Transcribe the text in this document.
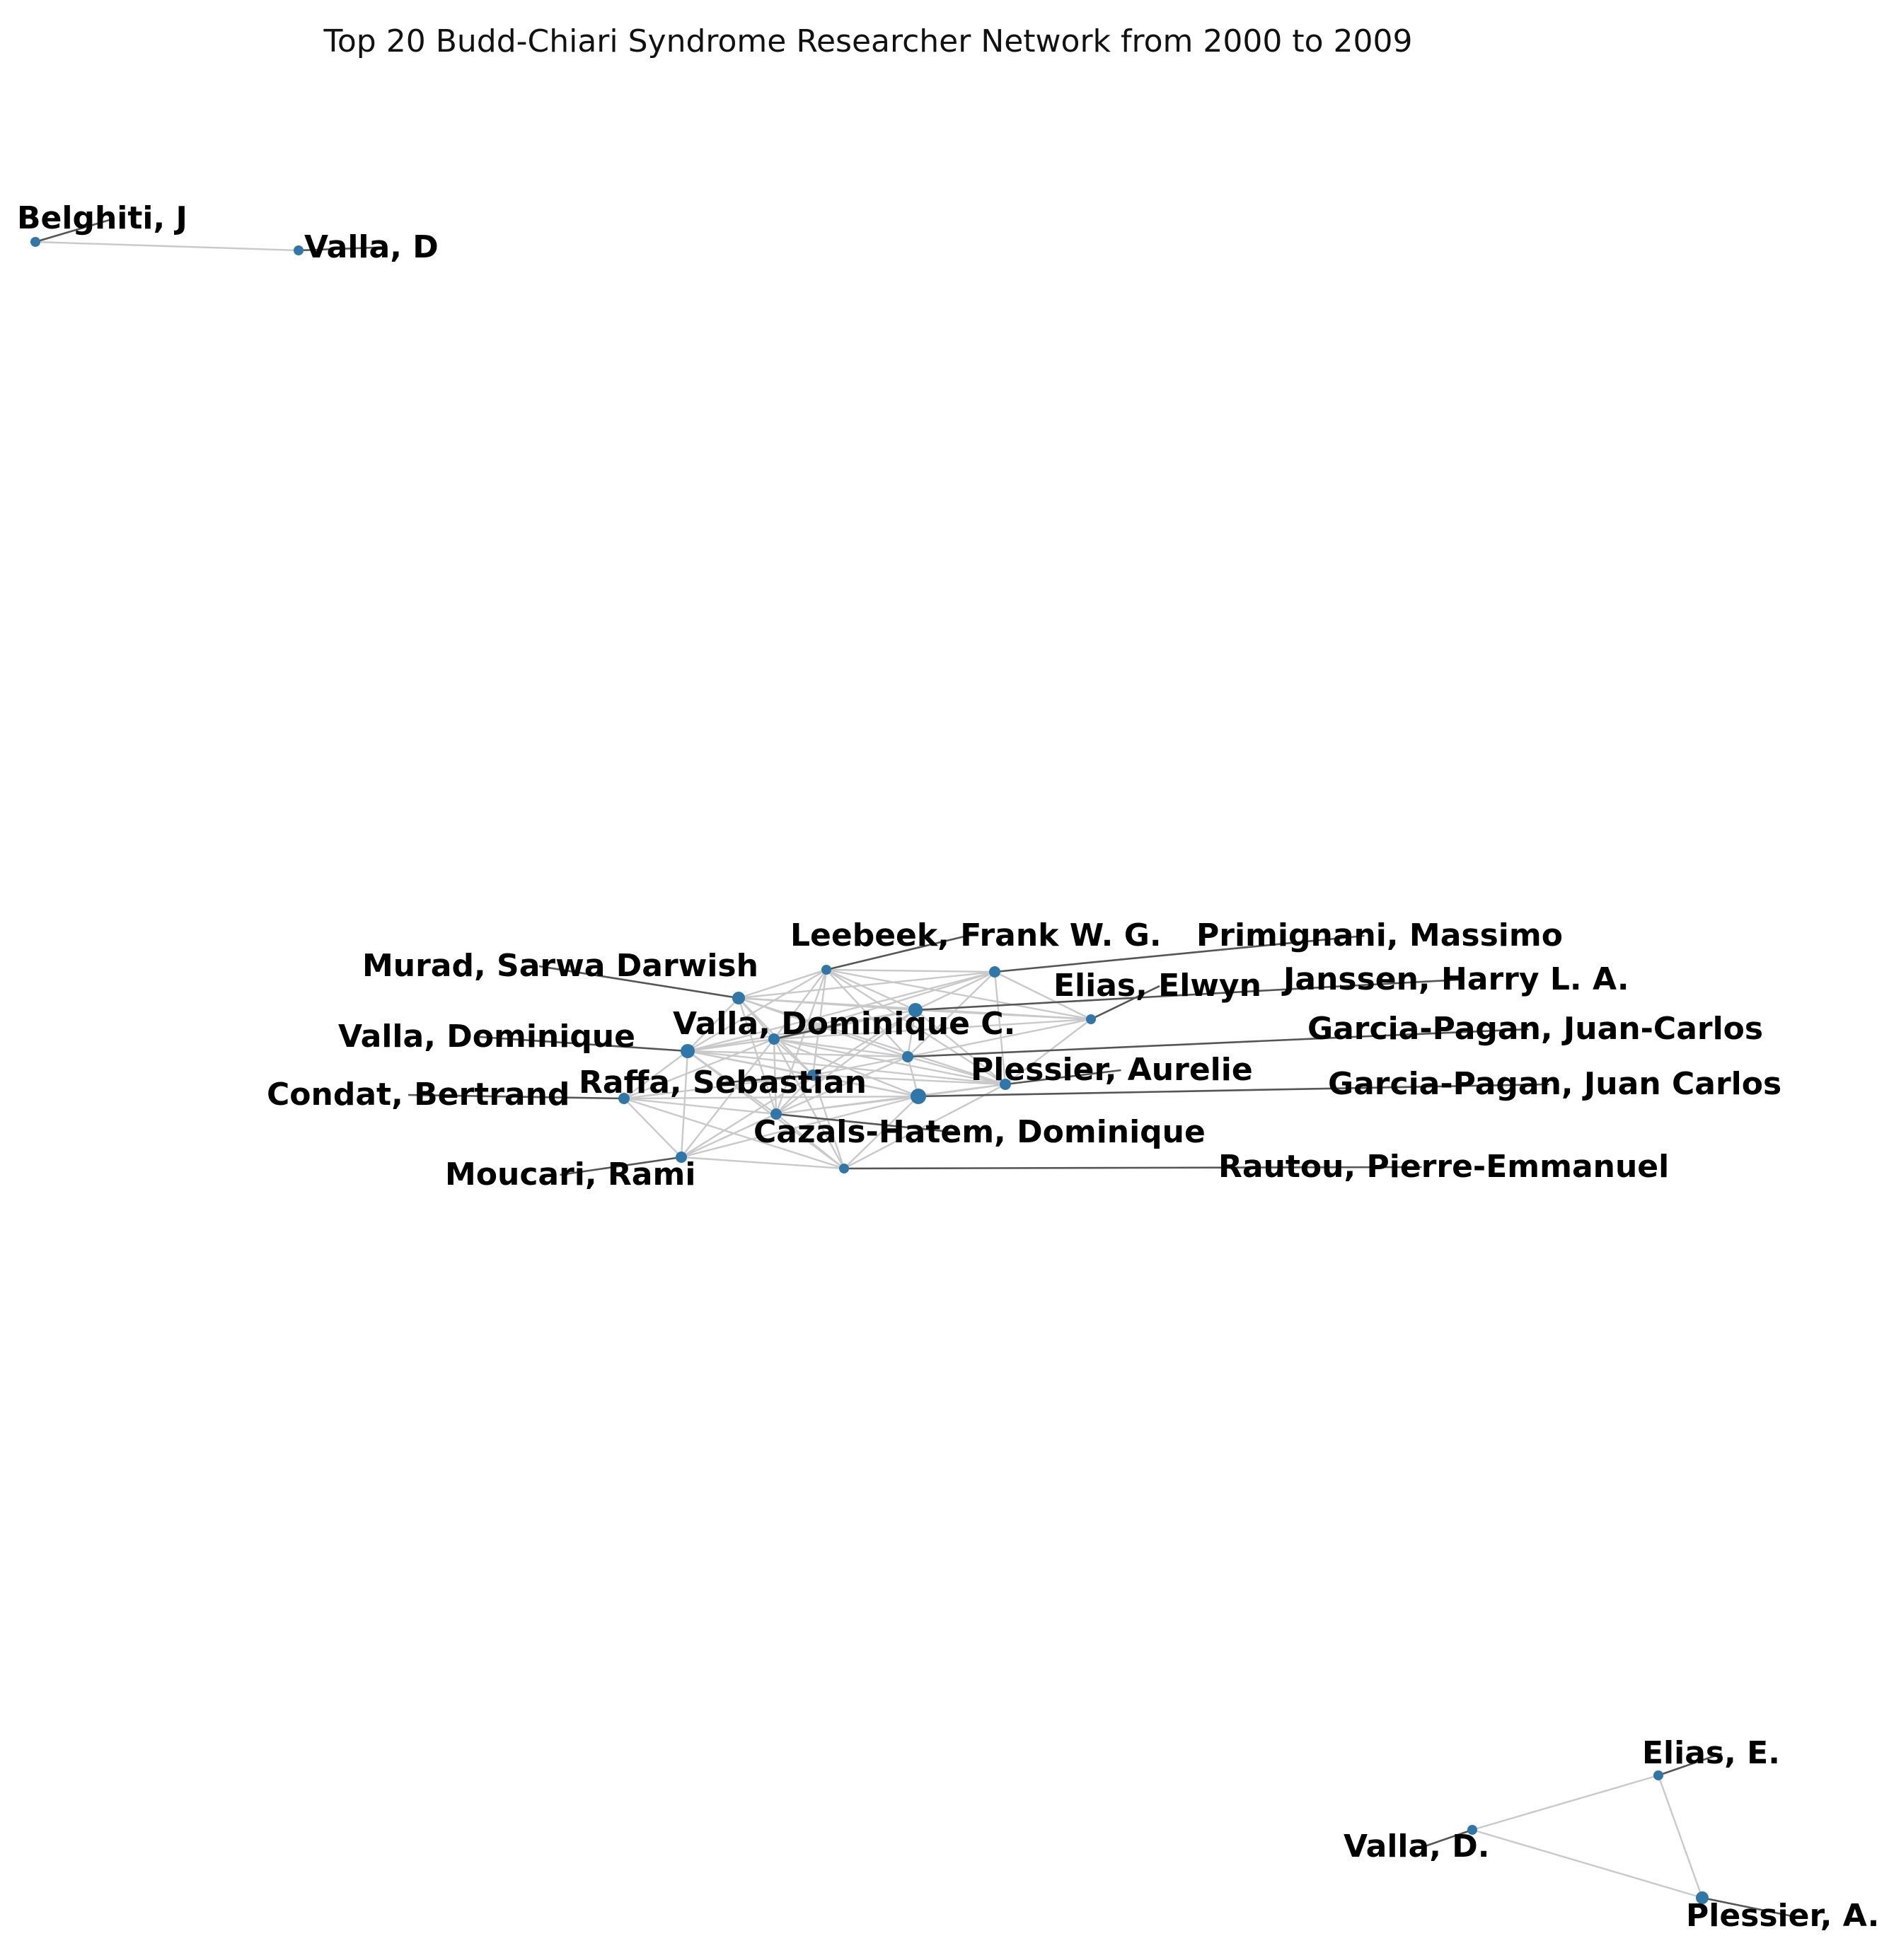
Top 20 Budd-Chiari Syndrome Researcher Network from 2000 to 2009
Belghiti, J
Valla, D
Leebeek, Frank W. G. Primignani, Massimo
Murad, Sarwa Darwish
Elias, Elwyn Janssen, Harry L. A.
Valla, Dominique C.
Valla, Dominique	Garcia-Pagan, Juan-Carlos
Plessier, Aurelie
Raffa, Sebastian
Condat, Bertrand	Garcia-Pagan, Juan Carlos
Cazals-Hatem, Dominique
Moucari, Rami	Rautou, Pierre-Emmanuel
Elias, E.
Valla, D.
Plessier, A.
